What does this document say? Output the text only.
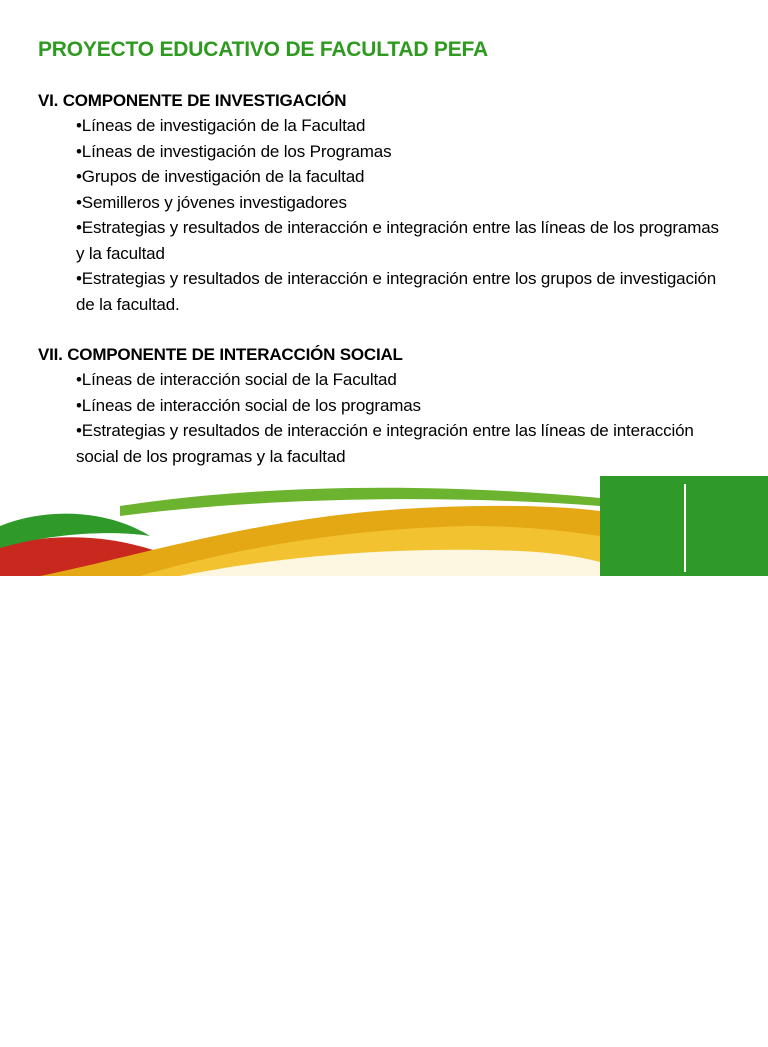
PROYECTO EDUCATIVO DE FACULTAD PEFA
VI. COMPONENTE DE INVESTIGACIÓN
•Líneas de investigación de la Facultad
•Líneas de investigación de los Programas
•Grupos de investigación de la facultad
•Semilleros y jóvenes investigadores
•Estrategias y resultados de interacción e integración entre las líneas de los programas y la facultad
•Estrategias y resultados de interacción e integración entre los grupos de investigación de la facultad.
VII. COMPONENTE DE INTERACCIÓN SOCIAL
•Líneas de interacción social de la Facultad
•Líneas de interacción social de los programas
•Estrategias y resultados de interacción e integración entre las líneas de interacción social de los programas y la facultad
Universidad de Nariño
FUNDADA EN 1904
ai
Universidad de Nariño
ACREDITADA EN ALTA CALIDAD RESOLUCIÓN No. 10567 - MAYO 23 DE 2017
